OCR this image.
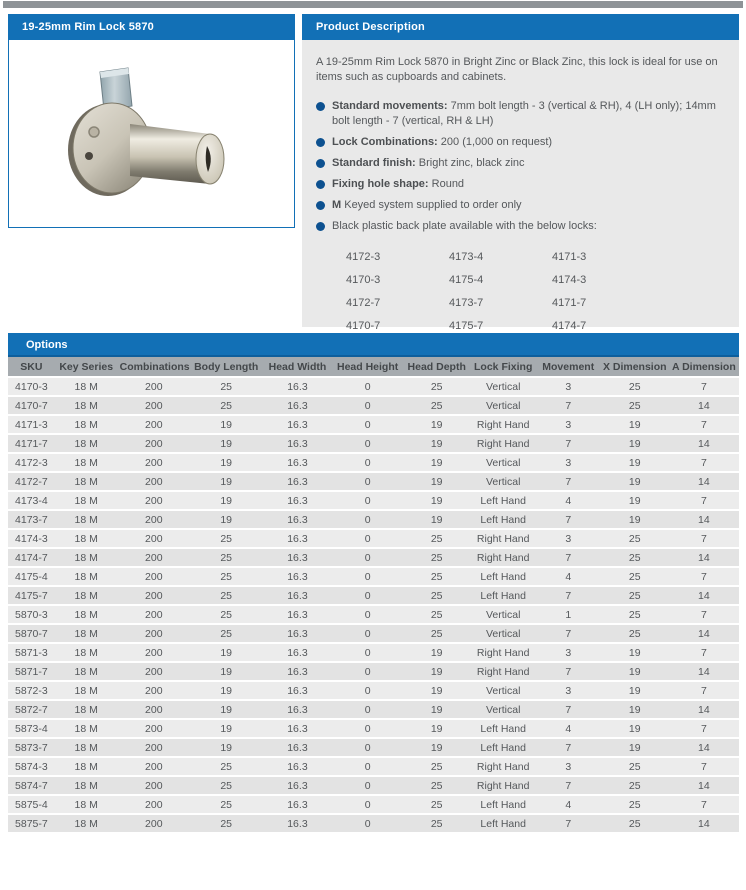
19-25mm Rim Lock 5870	Product Description

A 19-25mm Rim Lock 5870 in Bright Zinc or Black Zinc, this lock is ideal for use on items such as cupboards and cabinets.

Standard movements: 7mm bolt length - 3 (vertical & RH), 4 (LH only); 14mm bolt length - 7 (vertical, RH & LH)
Lock Combinations: 200 (1,000 on request)
Standard finish: Bright zinc, black zinc
Fixing hole shape: Round
M Keyed system supplied to order only
Black plastic back plate available with the below locks:
4172-3	4173-4	4171-3
4170-3	4175-4	4174-3
4172-7	4173-7	4171-7
4170-7	4175-7	4174-7
Options
SKU	Key Series	Combinations	Body Length	Head Width	Head Height	Head Depth	Lock Fixing	Movement	X Dimension	A Dimension
4170-3	18 M	200	25	16.3	0	25	Vertical	3	25	7
4170-7	18 M	200	25	16.3	0	25	Vertical	7	25	14
4171-3	18 M	200	19	16.3	0	19	Right Hand	3	19	7
4171-7	18 M	200	19	16.3	0	19	Right Hand	7	19	14
4172-3	18 M	200	19	16.3	0	19	Vertical	3	19	7
4172-7	18 M	200	19	16.3	0	19	Vertical	7	19	14
4173-4	18 M	200	19	16.3	0	19	Left Hand	4	19	7
4173-7	18 M	200	19	16.3	0	19	Left Hand	7	19	14
4174-3	18 M	200	25	16.3	0	25	Right Hand	3	25	7
4174-7	18 M	200	25	16.3	0	25	Right Hand	7	25	14
4175-4	18 M	200	25	16.3	0	25	Left Hand	4	25	7
4175-7	18 M	200	25	16.3	0	25	Left Hand	7	25	14
5870-3	18 M	200	25	16.3	0	25	Vertical	1	25	7
5870-7	18 M	200	25	16.3	0	25	Vertical	7	25	14
5871-3	18 M	200	19	16.3	0	19	Right Hand	3	19	7
5871-7	18 M	200	19	16.3	0	19	Right Hand	7	19	14
5872-3	18 M	200	19	16.3	0	19	Vertical	3	19	7
5872-7	18 M	200	19	16.3	0	19	Vertical	7	19	14
5873-4	18 M	200	19	16.3	0	19	Left Hand	4	19	7
5873-7	18 M	200	19	16.3	0	19	Left Hand	7	19	14
5874-3	18 M	200	25	16.3	0	25	Right Hand	3	25	7
5874-7	18 M	200	25	16.3	0	25	Right Hand	7	25	14
5875-4	18 M	200	25	16.3	0	25	Left Hand	4	25	7
5875-7	18 M	200	25	16.3	0	25	Left Hand	7	25	14
